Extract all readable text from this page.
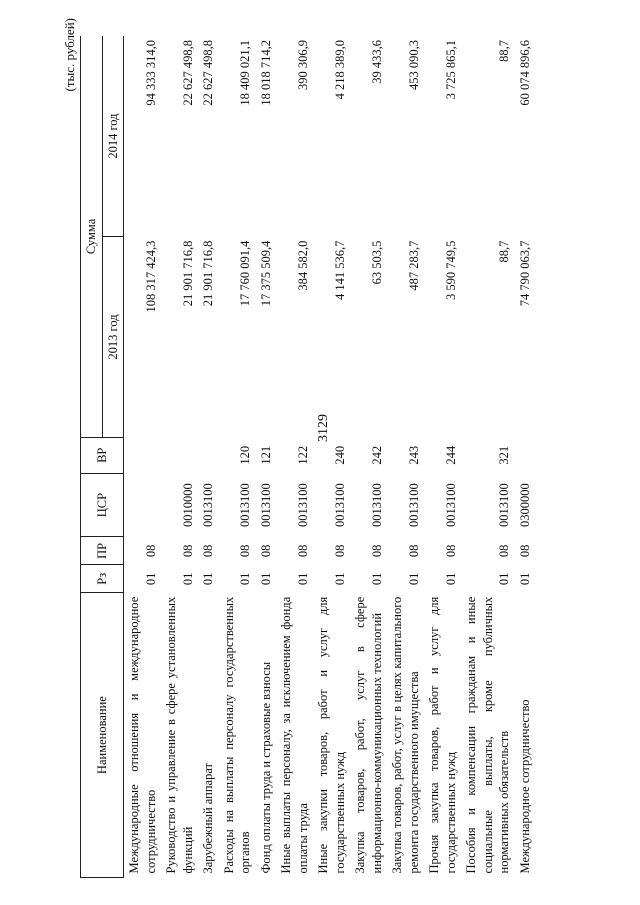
3129
(тыс. рублей)
Наименование	Рз	ПР	ЦСР	ВР	Сумма	
					2013 год	2014 год
Международные отношения и международное сотрудничество	01	08			108 317 424,3	94 333 314,0
Руководство и управление в сфере установленных функций	01	08	0010000		21 901 716,8	22 627 498,8
Зарубежный аппарат	01	08	0013100		21 901 716,8	22 627 498,8
Расходы на выплаты персоналу государственных органов	01	08	0013100	120	17 760 091,4	18 409 021,1
Фонд оплаты труда и страховые взносы	01	08	0013100	121	17 375 509,4	18 018 714,2
Иные выплаты персоналу, за исключением фонда оплаты труда	01	08	0013100	122	384 582,0	390 306,9
Иные закупки товаров, работ и услуг для государственных нужд	01	08	0013100	240	4 141 536,7	4 218 389,0
Закупка товаров, работ, услуг в сфере информационно-коммуникационных технологий	01	08	0013100	242	63 503,5	39 433,6
Закупка товаров, работ, услуг в целях капитального ремонта государственного имущества	01	08	0013100	243	487 283,7	453 090,3
Прочая закупка товаров, работ и услуг для государственных нужд	01	08	0013100	244	3 590 749,5	3 725 865,1
Пособия и компенсации гражданам и иные социальные выплаты, кроме публичных нормативных обязательств	01	08	0013100	321	88,7	88,7
Международное сотрудничество	01	08	0300000		74 790 063,7	60 074 896,6
